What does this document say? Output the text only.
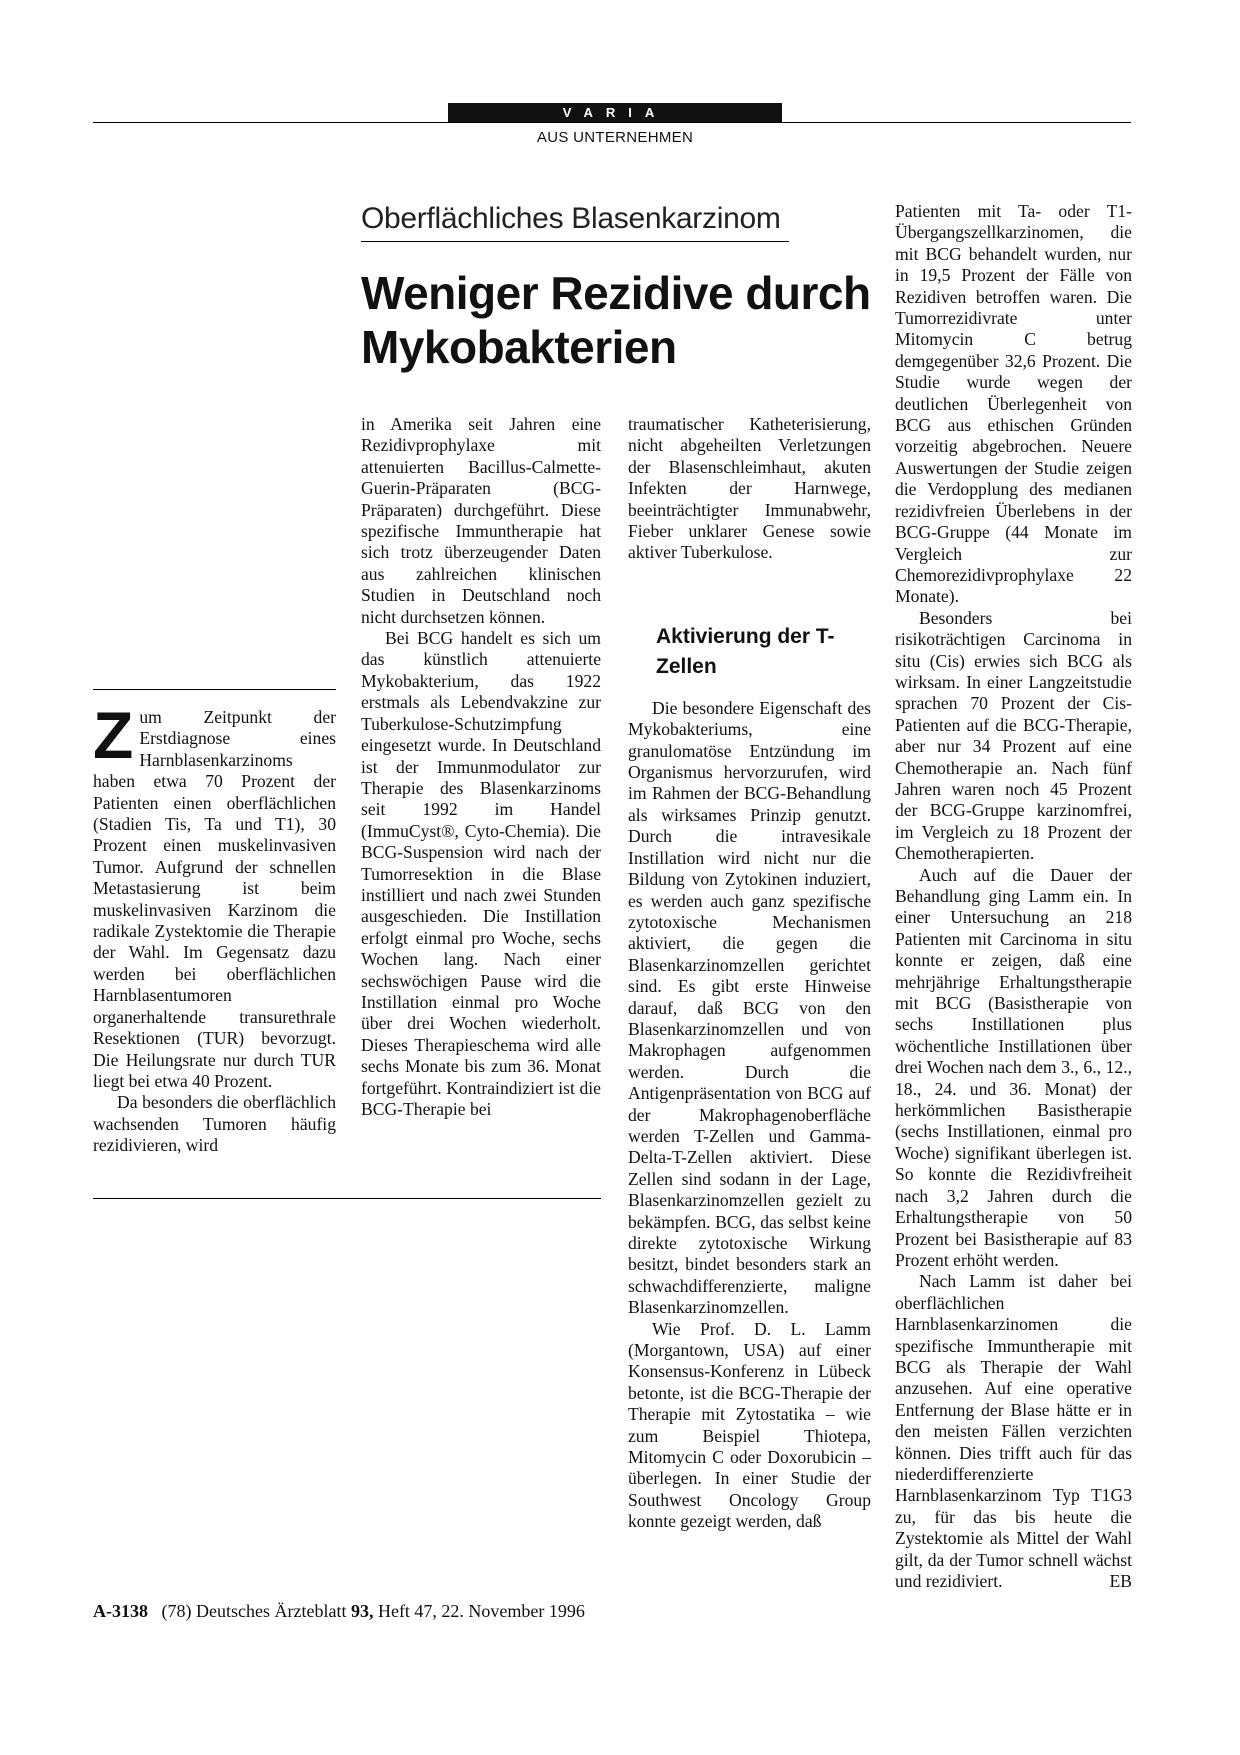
VARIA
AUS UNTERNEHMEN
Oberflächliches Blasenkarzinom
Weniger Rezidive durch Mykobakterien

Zum Zeitpunkt der Erstdiagnose eines Harnblasenkarzinoms haben etwa 70 Prozent der Patienten einen oberflächlichen (Stadien Tis, Ta und T1), 30 Prozent einen muskelinvasiven Tumor. Aufgrund der schnellen Metastasierung ist beim muskelinvasiven Karzinom die radikale Zystektomie die Therapie der Wahl. Im Gegensatz dazu werden bei oberflächlichen Harnblasentumoren organerhaltende transurethrale Resektionen (TUR) bevorzugt. Die Heilungsrate nur durch TUR liegt bei etwa 40 Prozent.

Da besonders die oberflächlich wachsenden Tumoren häufig rezidivieren, wird

in Amerika seit Jahren eine Rezidivprophylaxe mit attenuierten Bacillus-Calmette-Guerin-Präparaten (BCG-Präparaten) durchgeführt. Diese spezifische Immuntherapie hat sich trotz überzeugender Daten aus zahlreichen klinischen Studien in Deutschland noch nicht durchsetzen können.

Bei BCG handelt es sich um das künstlich attenuierte Mykobakterium, das 1922 erstmals als Lebendvakzine zur Tuberkulose-Schutzimpfung eingesetzt wurde. In Deutschland ist der Immunmodulator zur Therapie des Blasenkarzinoms seit 1992 im Handel (ImmuCyst®, Cyto-Chemia). Die BCG-Suspension wird nach der Tumorresektion in die Blase instilliert und nach zwei Stunden ausgeschieden. Die Instillation erfolgt einmal pro Woche, sechs Wochen lang. Nach einer sechswöchigen Pause wird die Instillation einmal pro Woche über drei Wochen wiederholt. Dieses Therapieschema wird alle sechs Monate bis zum 36. Monat fortgeführt. Kontraindiziert ist die BCG-Therapie bei

traumatischer Katheterisierung, nicht abgeheilten Verletzungen der Blasenschleimhaut, akuten Infekten der Harnwege, beeinträchtigter Immunabwehr, Fieber unklarer Genese sowie aktiver Tuberkulose.

Aktivierung der T-Zellen

Die besondere Eigenschaft des Mykobakteriums, eine granulomatöse Entzündung im Organismus hervorzurufen, wird im Rahmen der BCG-Behandlung als wirksames Prinzip genutzt. Durch die intravesikale Instillation wird nicht nur die Bildung von Zytokinen induziert, es werden auch ganz spezifische zytotoxische Mechanismen aktiviert, die gegen die Blasenkarzinomzellen gerichtet sind. Es gibt erste Hinweise darauf, daß BCG von den Blasenkarzinomzellen und von Makrophagen aufgenommen werden. Durch die Antigenpräsentation von BCG auf der Makrophagenoberfläche werden T-Zellen und Gamma-Delta-T-Zellen aktiviert. Diese Zellen sind sodann in der Lage, Blasenkarzinomzellen gezielt zu bekämpfen. BCG, das selbst keine direkte zytotoxische Wirkung besitzt, bindet besonders stark an schwachdifferenzierte, maligne Blasenkarzinomzellen.

Wie Prof. D. L. Lamm (Morgantown, USA) auf einer Konsensus-Konferenz in Lübeck betonte, ist die BCG-Therapie der Therapie mit Zytostatika – wie zum Beispiel Thiotepa, Mitomycin C oder Doxorubicin – überlegen. In einer Studie der Southwest Oncology Group konnte gezeigt werden, daß

Patienten mit Ta- oder T1-Übergangszellkarzinomen, die mit BCG behandelt wurden, nur in 19,5 Prozent der Fälle von Rezidiven betroffen waren. Die Tumorrezidivrate unter Mitomycin C betrug demgegenüber 32,6 Prozent. Die Studie wurde wegen der deutlichen Überlegenheit von BCG aus ethischen Gründen vorzeitig abgebrochen. Neuere Auswertungen der Studie zeigen die Verdopplung des medianen rezidivfreien Überlebens in der BCG-Gruppe (44 Monate im Vergleich zur Chemorezidivprophylaxe 22 Monate).

Besonders bei risikoträchtigen Carcinoma in situ (Cis) erwies sich BCG als wirksam. In einer Langzeitstudie sprachen 70 Prozent der Cis-Patienten auf die BCG-Therapie, aber nur 34 Prozent auf eine Chemotherapie an. Nach fünf Jahren waren noch 45 Prozent der BCG-Gruppe karzinomfrei, im Vergleich zu 18 Prozent der Chemotherapierten.

Auch auf die Dauer der Behandlung ging Lamm ein. In einer Untersuchung an 218 Patienten mit Carcinoma in situ konnte er zeigen, daß eine mehrjährige Erhaltungstherapie mit BCG (Basistherapie von sechs Instillationen plus wöchentliche Instillationen über drei Wochen nach dem 3., 6., 12., 18., 24. und 36. Monat) der herkömmlichen Basistherapie (sechs Instillationen, einmal pro Woche) signifikant überlegen ist. So konnte die Rezidivfreiheit nach 3,2 Jahren durch die Erhaltungstherapie von 50 Prozent bei Basistherapie auf 83 Prozent erhöht werden.

Nach Lamm ist daher bei oberflächlichen Harnblasenkarzinomen die spezifische Immuntherapie mit BCG als Therapie der Wahl anzusehen. Auf eine operative Entfernung der Blase hätte er in den meisten Fällen verzichten können. Dies trifft auch für das niederdifferenzierte Harnblasenkarzinom Typ T1G3 zu, für das bis heute die Zystektomie als Mittel der Wahl gilt, da der Tumor schnell wächst und rezidiviert.	EB

A-3138 (78) Deutsches Ärzteblatt 93, Heft 47, 22. November 1996
